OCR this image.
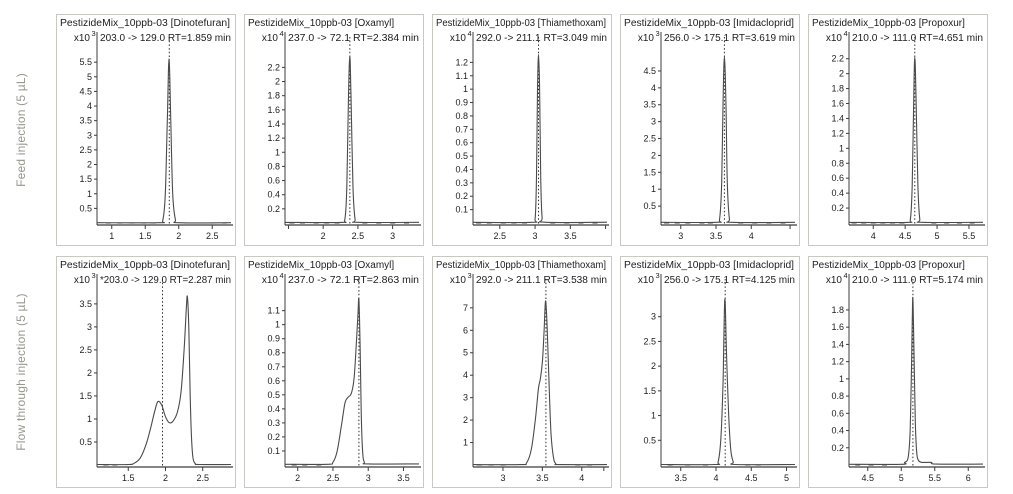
Feed injection (5 µL)
Flow through injection (5 µL)
PestizideMix_10ppb-03 [Dinotefuran]
x10 3 203.0 -> 129.0 RT=1.859 min
0.5
1
1.5
2
2.5
3
3.5
4
4.5
5
5.5
1	1.5	2	2.5
PestizideMix_10ppb-03 [Oxamyl]
x10 4 237.0 -> 72.1 RT=2.384 min
0.2
0.4
0.6
0.8
1
1.2
1.4
1.6
1.8
2
2.2
2	2.5	3
PestizideMix_10ppb-03 [Thiamethoxam]
x10 4 292.0 -> 211.1 RT=3.049 min
0.1
0.2
0.3
0.4
0.5
0.6
0.7
0.8
0.9
1
1.1
1.2
2.5	3	3.5
PestizideMix_10ppb-03 [Imidacloprid]
x10 3 256.0 -> 175.1 RT=3.619 min
0.5
1
1.5
2
2.5
3
3.5
4
4.5
3	3.5	4
PestizideMix_10ppb-03 [Propoxur]
x10 4 210.0 -> 111.0 RT=4.651 min
0.2
0.4
0.6
0.8
1
1.2
1.4
1.6
1.8
2
2.2
4	4.5	5	5.5
PestizideMix_10ppb-03 [Dinotefuran]
x10 3 *203.0 -> 129.0 RT=2.287 min
0.5
1
1.5
2
2.5
3
3.5
1.5	2	2.5
PestizideMix_10ppb-03 [Oxamyl]
x10 4 237.0 -> 72.1 RT=2.863 min
0.1
0.2
0.3
0.4
0.5
0.6
0.7
0.8
0.9
1
1.1
2	2.5	3	3.5
PestizideMix_10ppb-03 [Thiamethoxam]
x10 3 292.0 -> 211.1 RT=3.538 min
1
2
3
4
5
6
7
3	3.5	4
PestizideMix_10ppb-03 [Imidacloprid]
x10 3 256.0 -> 175.1 RT=4.125 min
0.5
1
1.5
2
2.5
3
3.5	4	4.5	5
PestizideMix_10ppb-03 [Propoxur]
x10 4 210.0 -> 111.0 RT=5.174 min
0.2
0.4
0.6
0.8
1
1.2
1.4
1.6
1.8
4.5	5	5.5	6
